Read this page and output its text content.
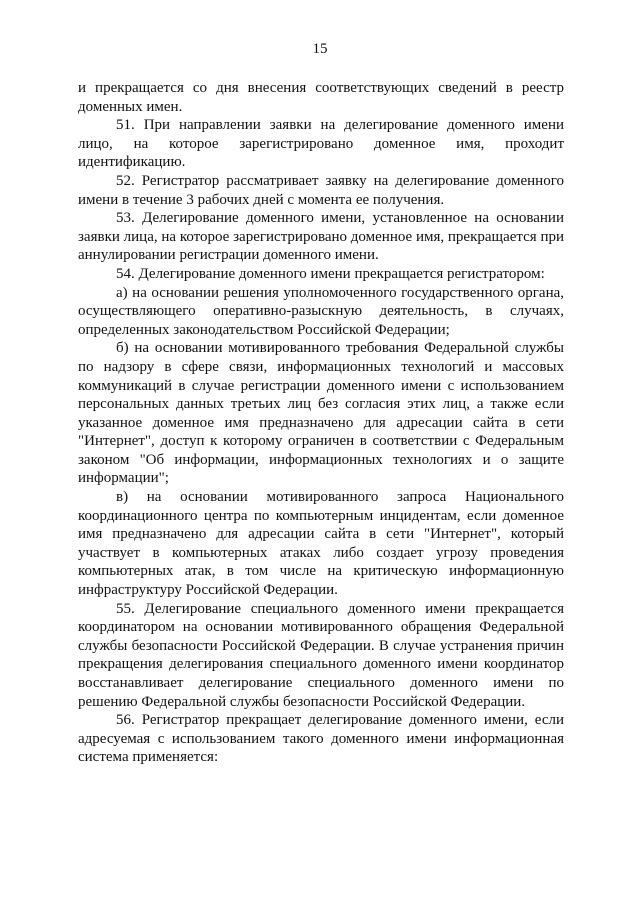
15

и прекращается со дня внесения соответствующих сведений в реестр доменных имен.

51. При направлении заявки на делегирование доменного имени лицо, на которое зарегистрировано доменное имя, проходит идентификацию.

52. Регистратор рассматривает заявку на делегирование доменного имени в течение 3 рабочих дней с момента ее получения.

53. Делегирование доменного имени, установленное на основании заявки лица, на которое зарегистрировано доменное имя, прекращается при аннулировании регистрации доменного имени.

54. Делегирование доменного имени прекращается регистратором:

а) на основании решения уполномоченного государственного органа, осуществляющего оперативно-разыскную деятельность, в случаях, определенных законодательством Российской Федерации;

б) на основании мотивированного требования Федеральной службы по надзору в сфере связи, информационных технологий и массовых коммуникаций в случае регистрации доменного имени с использованием персональных данных третьих лиц без согласия этих лиц, а также если указанное доменное имя предназначено для адресации сайта в сети "Интернет", доступ к которому ограничен в соответствии с Федеральным законом "Об информации, информационных технологиях и о защите информации";

в) на основании мотивированного запроса Национального координационного центра по компьютерным инцидентам, если доменное имя предназначено для адресации сайта в сети "Интернет", который участвует в компьютерных атаках либо создает угрозу проведения компьютерных атак, в том числе на критическую информационную инфраструктуру Российской Федерации.

55. Делегирование специального доменного имени прекращается координатором на основании мотивированного обращения Федеральной службы безопасности Российской Федерации. В случае устранения причин прекращения делегирования специального доменного имени координатор восстанавливает делегирование специального доменного имени по решению Федеральной службы безопасности Российской Федерации.

56. Регистратор прекращает делегирование доменного имени, если адресуемая с использованием такого доменного имени информационная система применяется:
